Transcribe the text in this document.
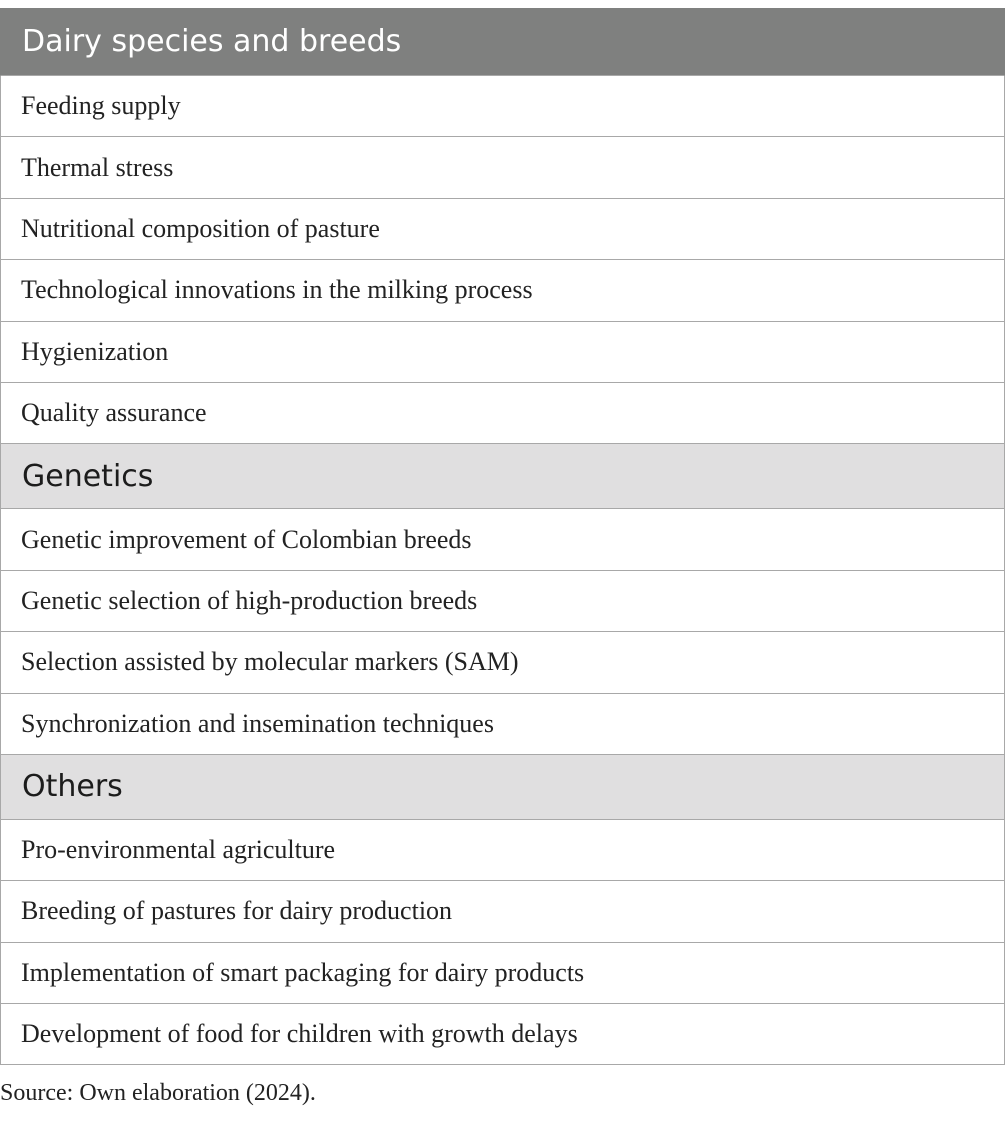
Dairy species and breeds
Feeding supply
Thermal stress
Nutritional composition of pasture
Technological innovations in the milking process
Hygienization
Quality assurance
Genetics
Genetic improvement of Colombian breeds
Genetic selection of high-production breeds
Selection assisted by molecular markers (SAM)
Synchronization and insemination techniques
Others
Pro-environmental agriculture
Breeding of pastures for dairy production
Implementation of smart packaging for dairy products
Development of food for children with growth delays
Source: Own elaboration (2024).
